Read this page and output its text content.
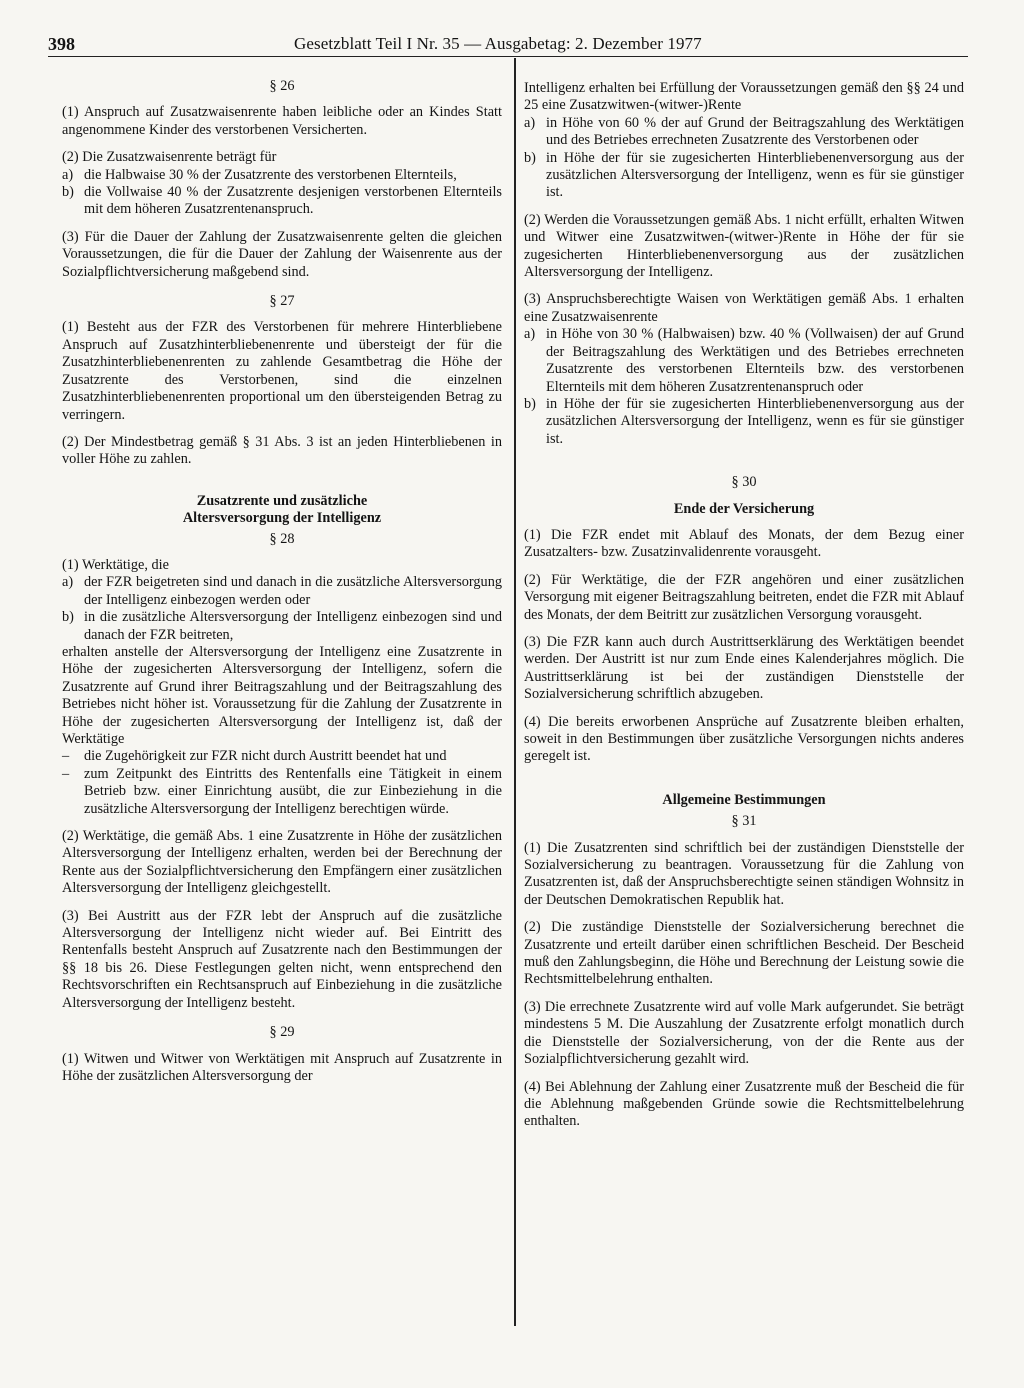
398	Gesetzblatt Teil I Nr. 35 — Ausgabetag: 2. Dezember 1977

§ 26

(1) Anspruch auf Zusatzwaisenrente haben leibliche oder an Kindes Statt angenommene Kinder des verstorbenen Versicherten.

(2) Die Zusatzwaisenrente beträgt für

a) die Halbwaise 30 % der Zusatzrente des verstorbenen Elternteils,
b) die Vollwaise 40 % der Zusatzrente desjenigen verstorbenen Elternteils mit dem höheren Zusatzrentenanspruch.

(3) Für die Dauer der Zahlung der Zusatzwaisenrente gelten die gleichen Voraussetzungen, die für die Dauer der Zahlung der Waisenrente aus der Sozialpflichtversicherung maßgebend sind.

§ 27

(1) Besteht aus der FZR des Verstorbenen für mehrere Hinterbliebene Anspruch auf Zusatzhinterbliebenenrente und übersteigt der für die Zusatzhinterbliebenenrenten zu zahlende Gesamtbetrag die Höhe der Zusatzrente des Verstorbenen, sind die einzelnen Zusatzhinterbliebenenrenten proportional um den übersteigenden Betrag zu verringern.

(2) Der Mindestbetrag gemäß § 31 Abs. 3 ist an jeden Hinterbliebenen in voller Höhe zu zahlen.

Zusatzrente und zusätzliche

Altersversorgung der Intelligenz

§ 28

(1) Werktätige, die

a) der FZR beigetreten sind und danach in die zusätzliche Altersversorgung der Intelligenz einbezogen werden oder
b) in die zusätzliche Altersversorgung der Intelligenz einbezogen sind und danach der FZR beitreten,

erhalten anstelle der Altersversorgung der Intelligenz eine Zusatzrente in Höhe der zugesicherten Altersversorgung der Intelligenz, sofern die Zusatzrente auf Grund ihrer Beitragszahlung und der Beitragszahlung des Betriebes nicht höher ist. Voraussetzung für die Zahlung der Zusatzrente in Höhe der zugesicherten Altersversorgung der Intelligenz ist, daß der Werktätige

–	die Zugehörigkeit zur FZR nicht durch Austritt beendet hat und
–	zum Zeitpunkt des Eintritts des Rentenfalls eine Tätigkeit in einem Betrieb bzw. einer Einrichtung ausübt, die zur Einbeziehung in die zusätzliche Altersversorgung der Intelligenz berechtigen würde.

(2) Werktätige, die gemäß Abs. 1 eine Zusatzrente in Höhe der zusätzlichen Altersversorgung der Intelligenz erhalten, werden bei der Berechnung der Rente aus der Sozialpflichtversicherung den Empfängern einer zusätzlichen Altersversorgung der Intelligenz gleichgestellt.

(3) Bei Austritt aus der FZR lebt der Anspruch auf die zusätzliche Altersversorgung der Intelligenz nicht wieder auf. Bei Eintritt des Rentenfalls besteht Anspruch auf Zusatzrente nach den Bestimmungen der §§ 18 bis 26. Diese Festlegungen gelten nicht, wenn entsprechend den Rechtsvorschriften ein Rechtsanspruch auf Einbeziehung in die zusätzliche Altersversorgung der Intelligenz besteht.

§ 29

(1) Witwen und Witwer von Werktätigen mit Anspruch auf Zusatzrente in Höhe der zusätzlichen Altersversorgung der

Intelligenz erhalten bei Erfüllung der Voraussetzungen gemäß den §§ 24 und 25 eine Zusatzwitwen-(witwer-)Rente

a) in Höhe von 60 % der auf Grund der Beitragszahlung des Werktätigen und des Betriebes errechneten Zusatzrente des Verstorbenen oder
b) in Höhe der für sie zugesicherten Hinterbliebenenversorgung aus der zusätzlichen Altersversorgung der Intelligenz, wenn es für sie günstiger ist.

(2) Werden die Voraussetzungen gemäß Abs. 1 nicht erfüllt, erhalten Witwen und Witwer eine Zusatzwitwen-(witwer-)Rente in Höhe der für sie zugesicherten Hinterbliebenenversorgung aus der zusätzlichen Altersversorgung der Intelligenz.

(3) Anspruchsberechtigte Waisen von Werktätigen gemäß Abs. 1 erhalten eine Zusatzwaisenrente

a) in Höhe von 30 % (Halbwaisen) bzw. 40 % (Vollwaisen) der auf Grund der Beitragszahlung des Werktätigen und des Betriebes errechneten Zusatzrente des verstorbenen Elternteils bzw. des verstorbenen Elternteils mit dem höheren Zusatzrentenanspruch oder
b) in Höhe der für sie zugesicherten Hinterbliebenenversorgung aus der zusätzlichen Altersversorgung der Intelligenz, wenn es für sie günstiger ist.

§ 30

Ende der Versicherung

(1) Die FZR endet mit Ablauf des Monats, der dem Bezug einer Zusatzalters- bzw. Zusatzinvalidenrente vorausgeht.

(2) Für Werktätige, die der FZR angehören und einer zusätzlichen Versorgung mit eigener Beitragszahlung beitreten, endet die FZR mit Ablauf des Monats, der dem Beitritt zur zusätzlichen Versorgung vorausgeht.

(3) Die FZR kann auch durch Austrittserklärung des Werktätigen beendet werden. Der Austritt ist nur zum Ende eines Kalenderjahres möglich. Die Austrittserklärung ist bei der zuständigen Dienststelle der Sozialversicherung schriftlich abzugeben.

(4) Die bereits erworbenen Ansprüche auf Zusatzrente bleiben erhalten, soweit in den Bestimmungen über zusätzliche Versorgungen nichts anderes geregelt ist.

Allgemeine Bestimmungen

§ 31

(1) Die Zusatzrenten sind schriftlich bei der zuständigen Dienststelle der Sozialversicherung zu beantragen. Voraussetzung für die Zahlung von Zusatzrenten ist, daß der Anspruchsberechtigte seinen ständigen Wohnsitz in der Deutschen Demokratischen Republik hat.

(2) Die zuständige Dienststelle der Sozialversicherung berechnet die Zusatzrente und erteilt darüber einen schriftlichen Bescheid. Der Bescheid muß den Zahlungsbeginn, die Höhe und Berechnung der Leistung sowie die Rechtsmittelbelehrung enthalten.

(3) Die errechnete Zusatzrente wird auf volle Mark aufgerundet. Sie beträgt mindestens 5 M. Die Auszahlung der Zusatzrente erfolgt monatlich durch die Dienststelle der Sozialversicherung, von der die Rente aus der Sozialpflichtversicherung gezahlt wird.

(4) Bei Ablehnung der Zahlung einer Zusatzrente muß der Bescheid die für die Ablehnung maßgebenden Gründe sowie die Rechtsmittelbelehrung enthalten.
